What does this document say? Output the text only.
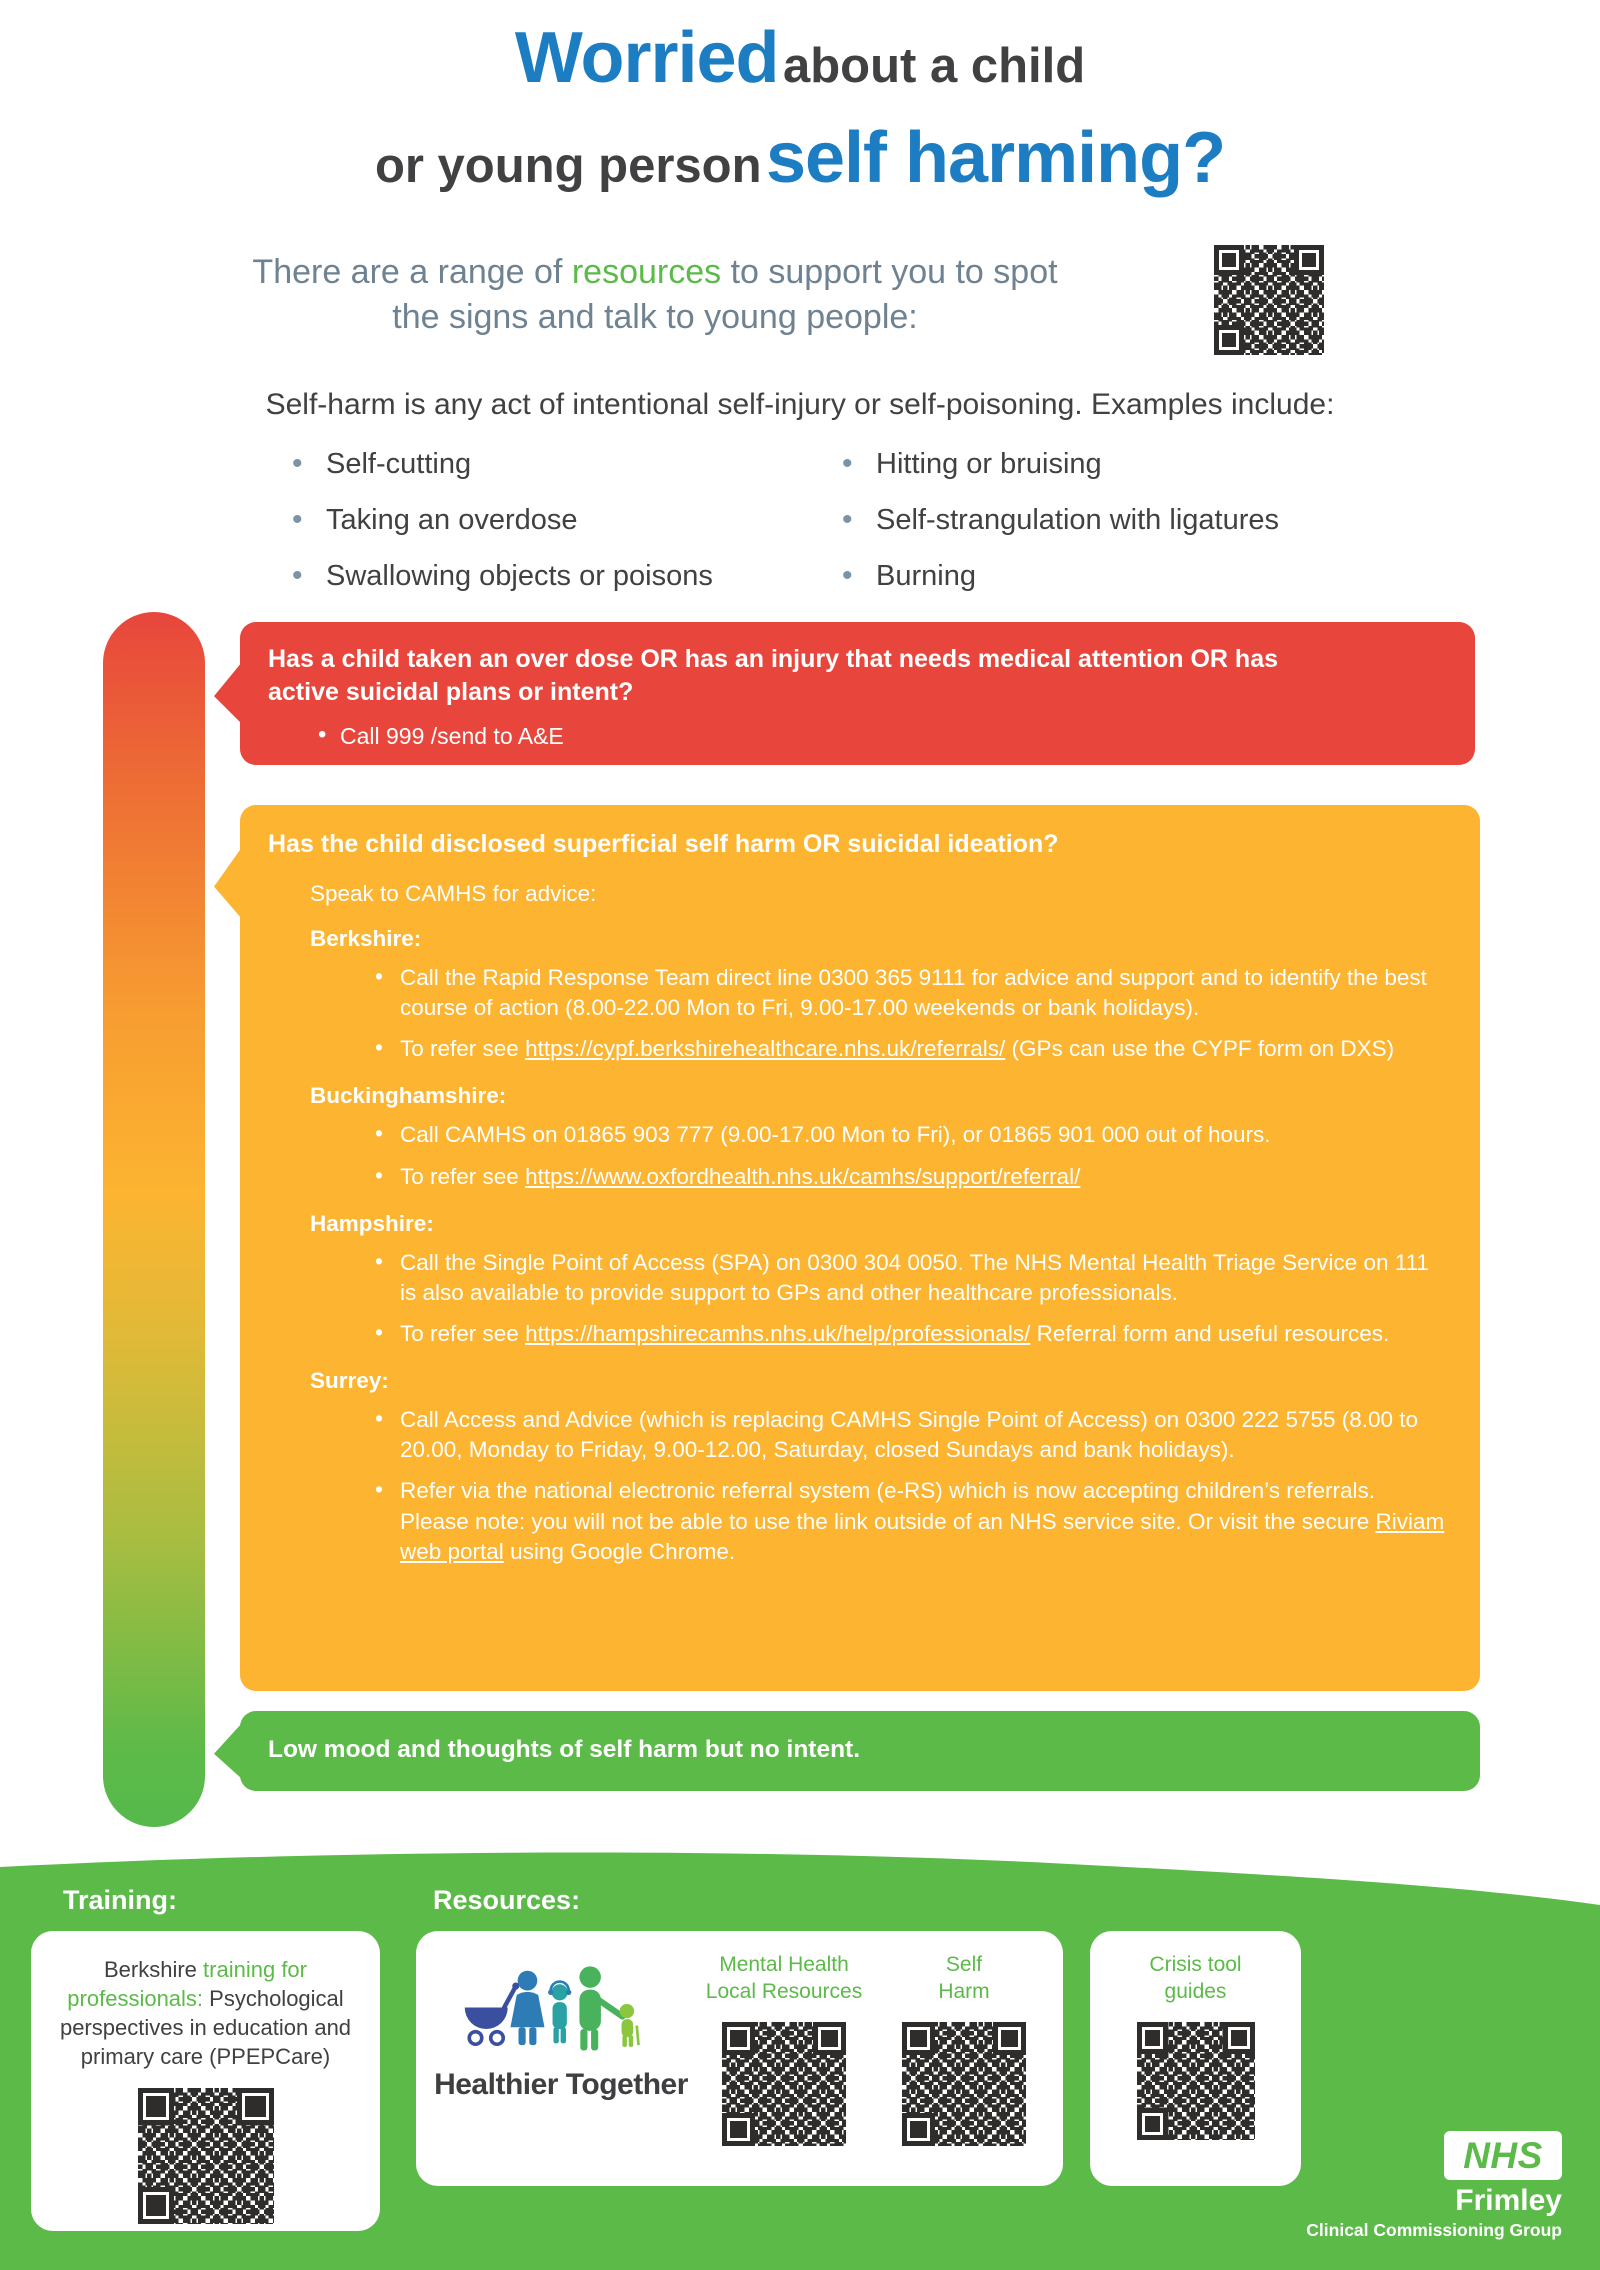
Worried about a child
or young person self harming?
There are a range of resources to support you to spot the signs and talk to young people:
Self-harm is any act of intentional self-injury or self-poisoning. Examples include:
• Self-cutting
• Taking an overdose
• Swallowing objects or poisons
• Hitting or bruising
• Self-strangulation with ligatures
• Burning
Has a child taken an over dose OR has an injury that needs medical attention OR has active suicidal plans or intent?
• Call 999 /send to A&E
Has the child disclosed superficial self harm OR suicidal ideation?
Speak to CAMHS for advice:
Berkshire:
• Call the Rapid Response Team direct line 0300 365 9111 for advice and support and to identify the best course of action (8.00-22.00 Mon to Fri, 9.00-17.00 weekends or bank holidays).
• To refer see https://cypf.berkshirehealthcare.nhs.uk/referrals/ (GPs can use the CYPF form on DXS)
Buckinghamshire:
• Call CAMHS on 01865 903 777 (9.00-17.00 Mon to Fri), or 01865 901 000 out of hours.
• To refer see https://www.oxfordhealth.nhs.uk/camhs/support/referral/
Hampshire:
• Call the Single Point of Access (SPA) on 0300 304 0050. The NHS Mental Health Triage Service on 111 is also available to provide support to GPs and other healthcare professionals.
• To refer see https://hampshirecamhs.nhs.uk/help/professionals/ Referral form and useful resources.
Surrey:
• Call Access and Advice (which is replacing CAMHS Single Point of Access) on 0300 222 5755 (8.00 to 20.00, Monday to Friday, 9.00-12.00, Saturday, closed Sundays and bank holidays).
• Refer via the national electronic referral system (e-RS) which is now accepting children’s referrals. Please note: you will not be able to use the link outside of an NHS service site. Or visit the secure Riviam web portal using Google Chrome.
Low mood and thoughts of self harm but no intent.
Training:	Resources:
Berkshire training for professionals: Psychological perspectives in education and primary care (PPEPCare)
Healthier Together
Mental Health Local Resources
Self Harm
Crisis tool guides
NHS
Frimley
Clinical Commissioning Group
